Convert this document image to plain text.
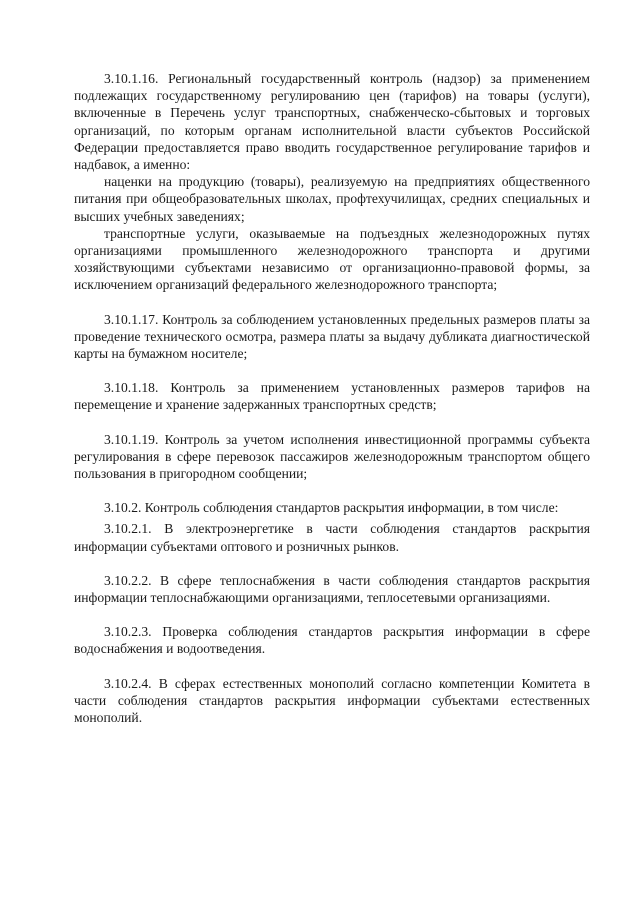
3.10.1.16. Региональный государственный контроль (надзор) за применением подлежащих государственному регулированию цен (тарифов) на товары (услуги), включенные в Перечень услуг транспортных, снабженческо-сбытовых и торговых организаций, по которым органам исполнительной власти субъектов Российской Федерации предоставляется право вводить государственное регулирование тарифов и надбавок, а именно:

наценки на продукцию (товары), реализуемую на предприятиях общественного питания при общеобразовательных школах, профтехучилищах, средних специальных и высших учебных заведениях;

транспортные услуги, оказываемые на подъездных железнодорожных путях организациями промышленного железнодорожного транспорта и другими хозяйствующими субъектами независимо от организационно-правовой формы, за исключением организаций федерального железнодорожного транспорта;

3.10.1.17. Контроль за соблюдением установленных предельных размеров платы за проведение технического осмотра, размера платы за выдачу дубликата диагностической карты на бумажном носителе;

3.10.1.18. Контроль за применением установленных размеров тарифов на перемещение и хранение задержанных транспортных средств;

3.10.1.19. Контроль за учетом исполнения инвестиционной программы субъекта регулирования в сфере перевозок пассажиров железнодорожным транспортом общего пользования в пригородном сообщении;

3.10.2. Контроль соблюдения стандартов раскрытия информации, в том числе:

3.10.2.1. В электроэнергетике в части соблюдения стандартов раскрытия информации субъектами оптового и розничных рынков.

3.10.2.2. В сфере теплоснабжения в части соблюдения стандартов раскрытия информации теплоснабжающими организациями, теплосетевыми организациями.

3.10.2.3. Проверка соблюдения стандартов раскрытия информации в сфере водоснабжения и водоотведения.

3.10.2.4. В сферах естественных монополий согласно компетенции Комитета в части соблюдения стандартов раскрытия информации субъектами естественных монополий.
